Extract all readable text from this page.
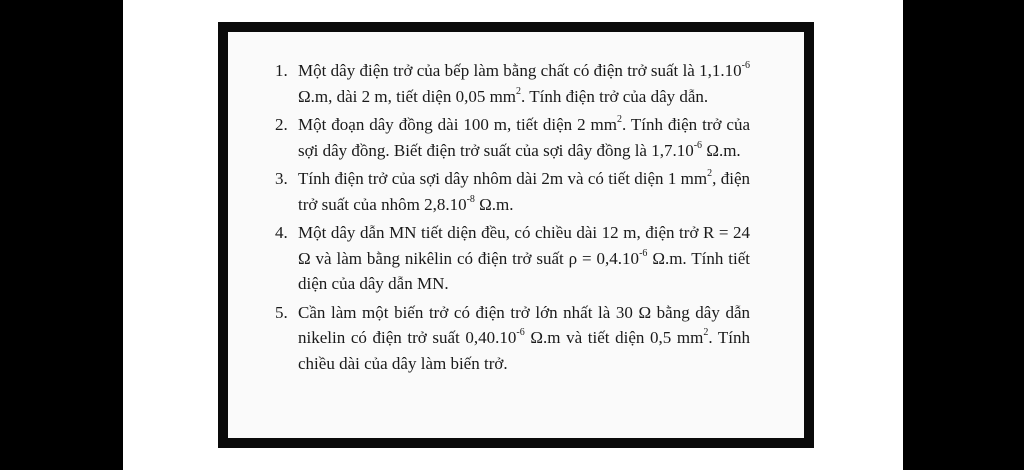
1. Một dây điện trở của bếp làm bằng chất có điện trở suất là $1,1.10^{-6}$ Ω.m, dài 2 m, tiết diện 0,05 $mm^2$. Tính điện trở của dây dẫn.
2. Một đoạn dây đồng dài 100 m, tiết diện 2 $mm^2$. Tính điện trở của sợi dây đồng. Biết điện trở suất của sợi dây đồng là $1,7.10^{-6}$ Ω.m.
3. Tính điện trở của sợi dây nhôm dài 2m và có tiết diện 1 $mm^2$, điện trở suất của nhôm $2,8.10^{-8}$ Ω.m.
4. Một dây dẫn MN tiết diện đều, có chiều dài 12 m, điện trở R = 24 Ω và làm bằng nikêlin có điện trở suất $\rho = 0,4.10^{-6}$ Ω.m. Tính tiết diện của dây dẫn MN.
5. Cần làm một biến trở có điện trở lớn nhất là 30 Ω bằng dây dẫn nikelin có điện trở suất $0,40.10^{-6}$ Ω.m và tiết diện 0,5 $mm^2$. Tính chiều dài của dây làm biến trở.
